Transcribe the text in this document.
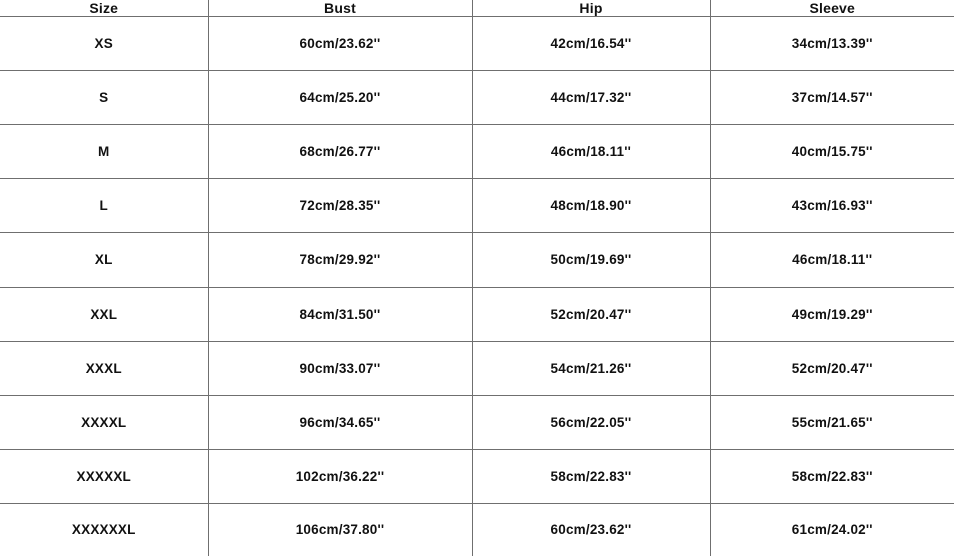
Size	Bust	Hip	Sleeve
XS	60cm/23.62''	42cm/16.54''	34cm/13.39''
S	64cm/25.20''	44cm/17.32''	37cm/14.57''
M	68cm/26.77''	46cm/18.11''	40cm/15.75''
L	72cm/28.35''	48cm/18.90''	43cm/16.93''
XL	78cm/29.92''	50cm/19.69''	46cm/18.11''
XXL	84cm/31.50''	52cm/20.47''	49cm/19.29''
XXXL	90cm/33.07''	54cm/21.26''	52cm/20.47''
XXXXL	96cm/34.65''	56cm/22.05''	55cm/21.65''
XXXXXL	102cm/36.22''	58cm/22.83''	58cm/22.83''
XXXXXXL	106cm/37.80''	60cm/23.62''	61cm/24.02''
